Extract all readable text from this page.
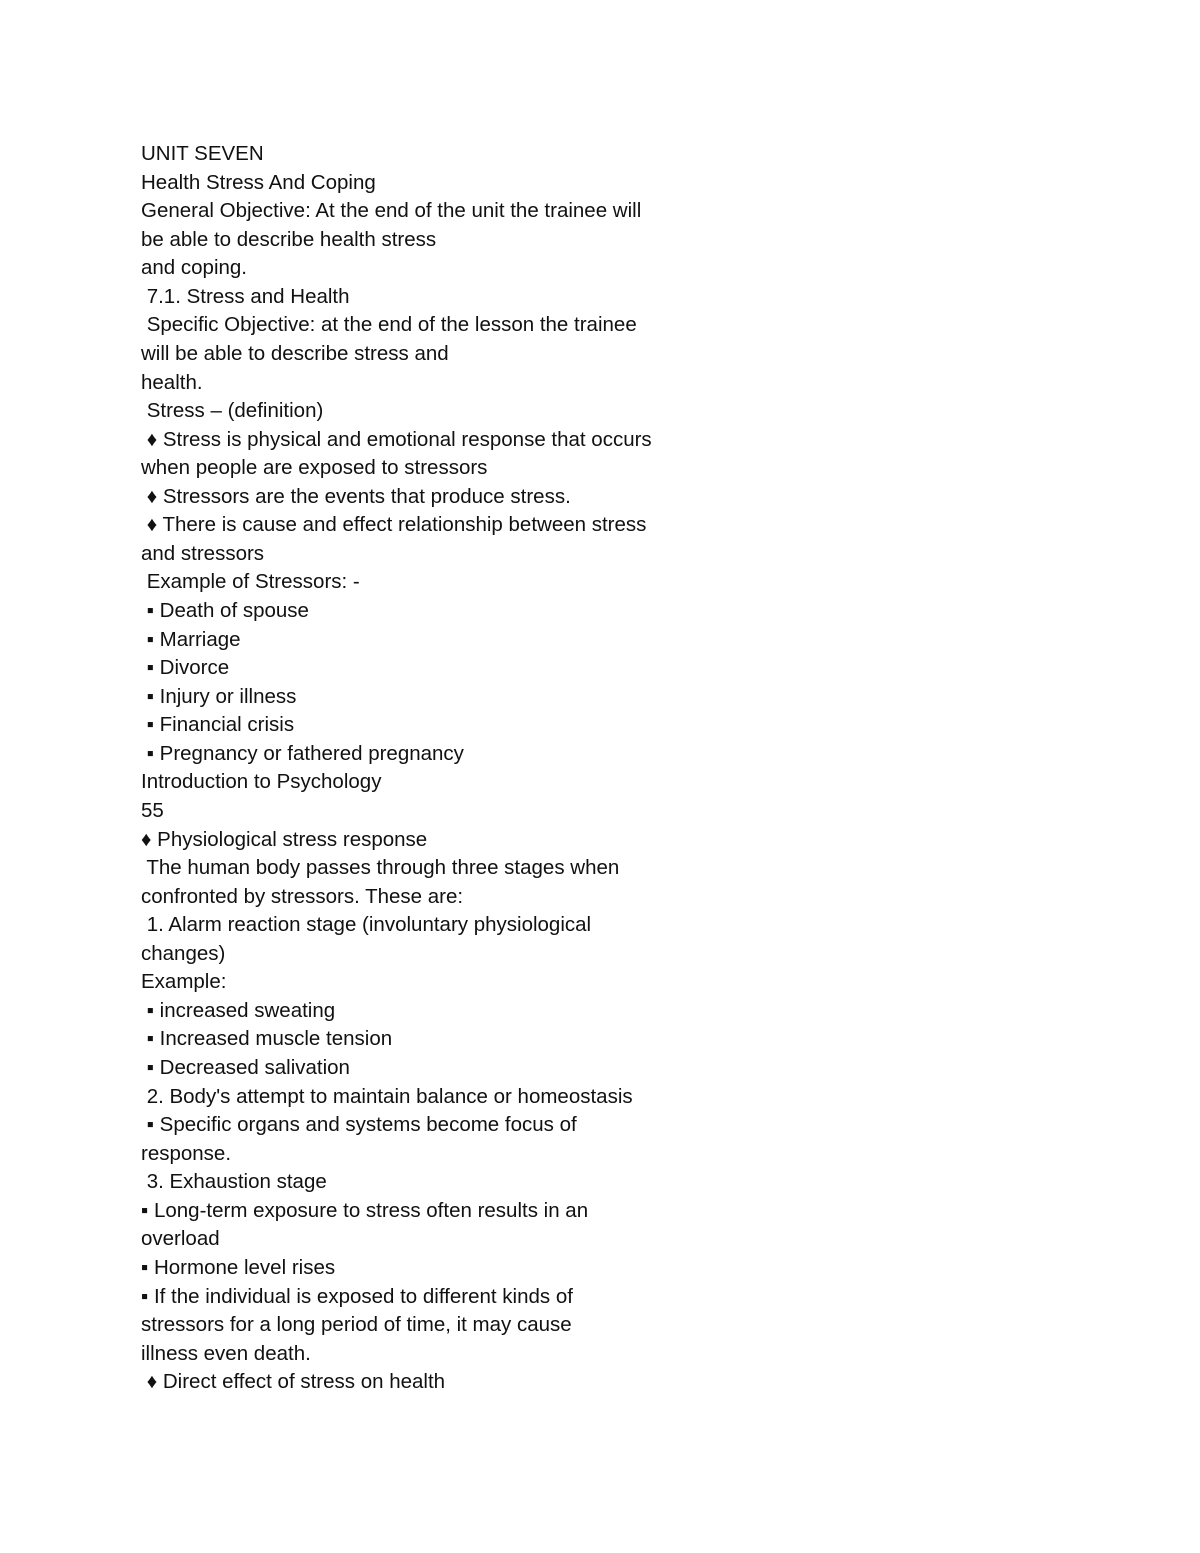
UNIT SEVEN
Health Stress And Coping
General Objective: At the end of the unit the trainee will
be able to describe health stress
and coping.
7.1. Stress and Health
Specific Objective: at the end of the lesson the trainee
will be able to describe stress and
health.
Stress – (definition)
♦ Stress is physical and emotional response that occurs
when people are exposed to stressors
♦ Stressors are the events that produce stress.
♦ There is cause and effect relationship between stress
and stressors
Example of Stressors: -
▪ Death of spouse
▪ Marriage
▪ Divorce
▪ Injury or illness
▪ Financial crisis
▪ Pregnancy or fathered pregnancy
Introduction to Psychology
55
♦ Physiological stress response
The human body passes through three stages when
confronted by stressors. These are:
1. Alarm reaction stage (involuntary physiological
changes)
Example:
▪ increased sweating
▪ Increased muscle tension
▪ Decreased salivation
2. Body's attempt to maintain balance or homeostasis
▪ Specific organs and systems become focus of
response.
3. Exhaustion stage
▪ Long-term exposure to stress often results in an
overload
▪ Hormone level rises
▪ If the individual is exposed to different kinds of
stressors for a long period of time, it may cause
illness even death.
♦ Direct effect of stress on health
